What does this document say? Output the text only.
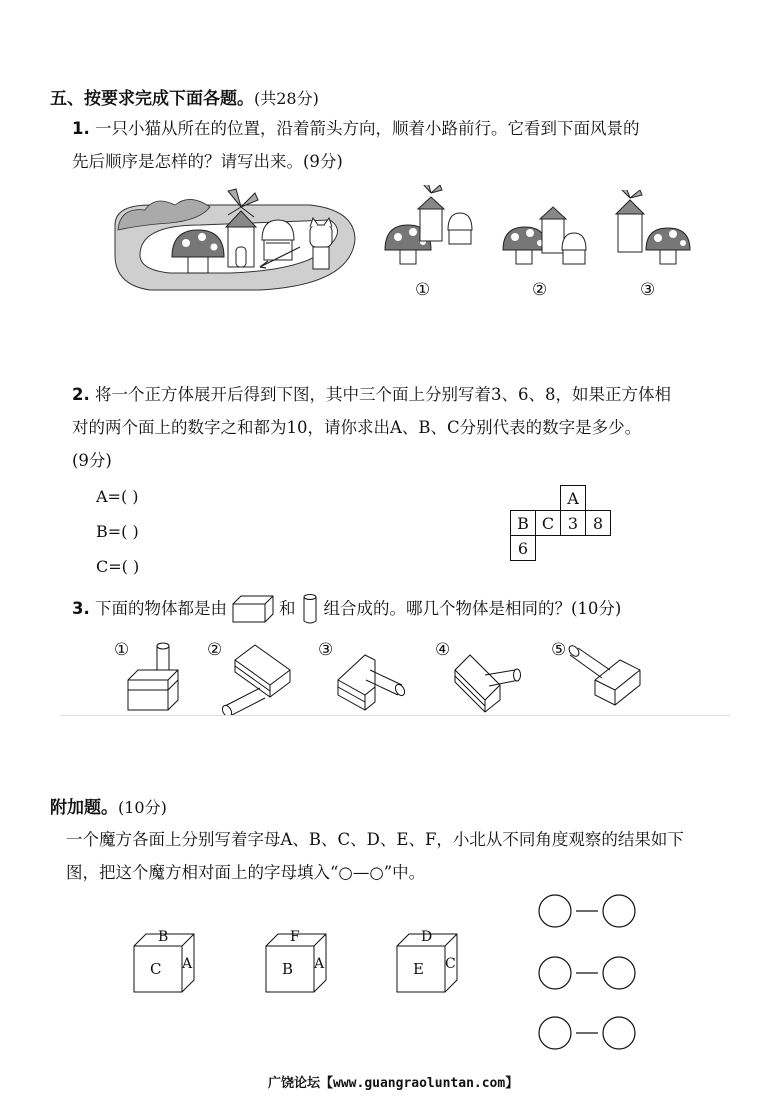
五、按要求完成下面各题。(共28分)
1. 一只小猫从所在的位置，沿着箭头方向，顺着小路前行。它看到下面风景的
先后顺序是怎样的？请写出来。(9分)
①	②	③
2. 将一个正方体展开后得到下图，其中三个面上分别写着3、6、8，如果正方体相
对的两个面上的数字之和都为10，请你求出A、B、C分别代表的数字是多少。
(9分)
A=( )
B=( )
C=( )
		A	
B	C	3	8
6			
3.
下面的物体都是由	和 组合成的。哪几个物体是相同的？(10分)
①	②	③	④	⑤
附加题。(10分)
一个魔方各面上分别写着字母A、B、C、D、E、F，小北从不同角度观察的结果如下
图，把这个魔方相对面上的字母填入“○—○”中。
B
C A
F
B A
D
E C
广饶论坛【www.guangraoluntan.com】
